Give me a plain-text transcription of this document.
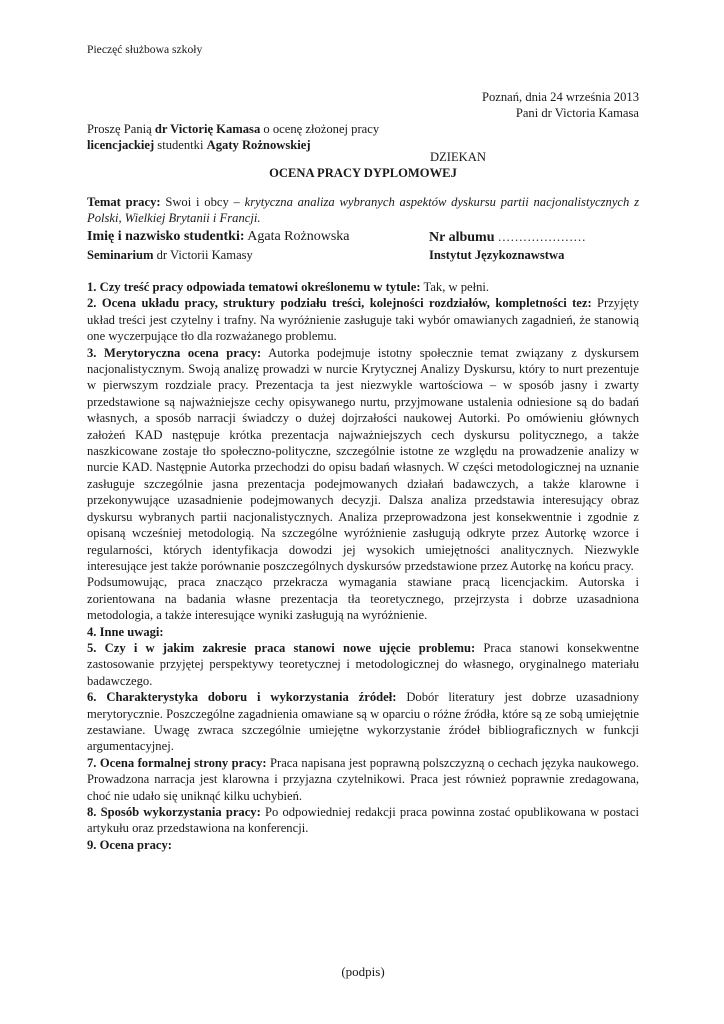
Pieczęć służbowa szkoły
Poznań, dnia 24 września 2013
Pani dr Victoria Kamasa
Proszę Panią dr Victorię Kamasa o ocenę złożonej pracy licencjackiej studentki Agaty Rożnowskiej
DZIEKAN
OCENA PRACY DYPLOMOWEJ
Temat pracy: Swoi i obcy – krytyczna analiza wybranych aspektów dyskursu partii nacjonalistycznych z Polski, Wielkiej Brytanii i Francji.
Imię i nazwisko studentki: Agata Rożnowska	Nr albumu …………………
Seminarium dr Victorii Kamasy	Instytut Językoznawstwa

1. Czy treść pracy odpowiada tematowi określonemu w tytule: Tak, w pełni.

2. Ocena układu pracy, struktury podziału treści, kolejności rozdziałów, kompletności tez: Przyjęty układ treści jest czytelny i trafny. Na wyróżnienie zasługuje taki wybór omawianych zagadnień, że stanowią one wyczerpujące tło dla rozważanego problemu.

3. Merytoryczna ocena pracy: Autorka podejmuje istotny społecznie temat związany z dyskursem nacjonalistycznym. Swoją analizę prowadzi w nurcie Krytycznej Analizy Dyskursu, który to nurt prezentuje w pierwszym rozdziale pracy. Prezentacja ta jest niezwykle wartościowa – w sposób jasny i zwarty przedstawione są najważniejsze cechy opisywanego nurtu, przyjmowane ustalenia odniesione są do badań własnych, a sposób narracji świadczy o dużej dojrzałości naukowej Autorki. Po omówieniu głównych założeń KAD następuje krótka prezentacja najważniejszych cech dyskursu politycznego, a także naszkicowane zostaje tło społeczno-polityczne, szczególnie istotne ze względu na prowadzenie analizy w nurcie KAD. Następnie Autorka przechodzi do opisu badań własnych. W części metodologicznej na uznanie zasługuje szczególnie jasna prezentacja podejmowanych działań badawczych, a także klarowne i przekonywujące uzasadnienie podejmowanych decyzji. Dalsza analiza przedstawia interesujący obraz dyskursu wybranych partii nacjonalistycznych. Analiza przeprowadzona jest konsekwentnie i zgodnie z opisaną wcześniej metodologią. Na szczególne wyróżnienie zasługują odkryte przez Autorkę wzorce i regularności, których identyfikacja dowodzi jej wysokich umiejętności analitycznych. Niezwykle interesujące jest także porównanie poszczególnych dyskursów przedstawione przez Autorkę na końcu pracy.

Podsumowując, praca znacząco przekracza wymagania stawiane pracą licencjackim. Autorska i zorientowana na badania własne prezentacja tła teoretycznego, przejrzysta i dobrze uzasadniona metodologia, a także interesujące wyniki zasługują na wyróżnienie.

4. Inne uwagi:

5. Czy i w jakim zakresie praca stanowi nowe ujęcie problemu: Praca stanowi konsekwentne zastosowanie przyjętej perspektywy teoretycznej i metodologicznej do własnego, oryginalnego materiału badawczego.

6. Charakterystyka doboru i wykorzystania źródeł: Dobór literatury jest dobrze uzasadniony merytorycznie. Poszczególne zagadnienia omawiane są w oparciu o różne źródła, które są ze sobą umiejętnie zestawiane. Uwagę zwraca szczególnie umiejętne wykorzystanie źródeł bibliograficznych w funkcji argumentacyjnej.

7. Ocena formalnej strony pracy: Praca napisana jest poprawną polszczyzną o cechach języka naukowego. Prowadzona narracja jest klarowna i przyjazna czytelnikowi. Praca jest również poprawnie zredagowana, choć nie udało się uniknąć kilku uchybień.

8. Sposób wykorzystania pracy: Po odpowiedniej redakcji praca powinna zostać opublikowana w postaci artykułu oraz przedstawiona na konferencji.

9. Ocena pracy:

(podpis)
